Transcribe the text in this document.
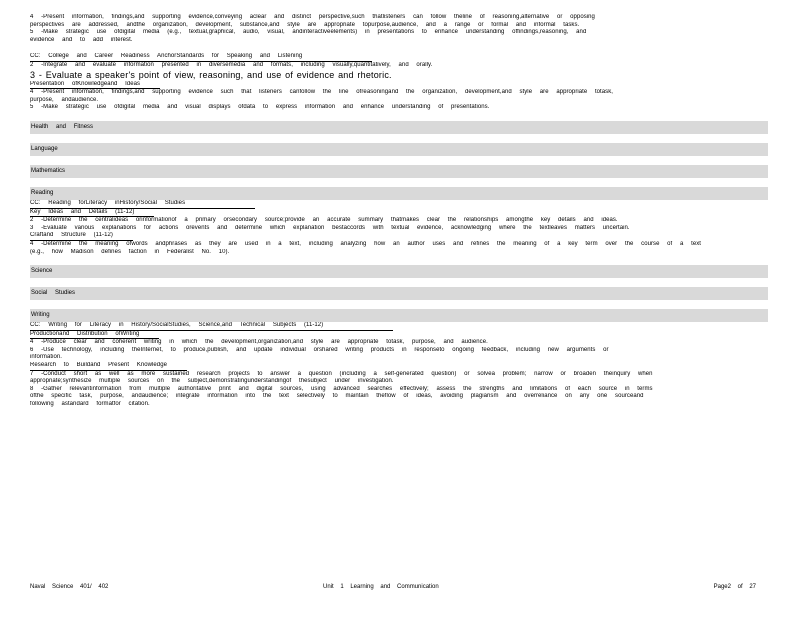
4 -Present information, findings,and supporting evidence,conveying aclear and distinct perspective,such thatlisteners can follow theline of reasoning,alternative or opposing
perspectives are addressed, andthe organization, development, substance,and style are appropriate topurpose,audience, and a range or formal and informal tasks.
5 -Make strategic use ofdigital media (e.g., textual,graphical, audio, visual, andinteractiveelements) in presentations to enhance understanding offindings,reasoning, and
evidence and to add interest.
CC: College and Career Readiness AnchorStandards for Speaking and Listening
2 -Integrate and evaluate information presented in diversemedia and formats, including visually,quantitatively, and orally.
3 - Evaluate a speaker's point of view, reasoning, and use of evidence and rhetoric.
Presentation ofKnowledgeand Ideas
4 -Present information, findings,and supporting evidence such that listeners canfollow the line ofreasoningand the organization, development,and style are appropriate totask,
purpose, andaudience.
5 -Make strategic use ofdigital media and visual displays ofdata to express information and enhance understanding of presentations.
Health and Fitness
Language
Mathematics
Reading
CC: Reading forLiteracy inHistory/Social Studies
Key Ideas and Details (11-12)
2 -Determine the centralideas orinformationof a primary orsecondary source;provide an accurate summary thatmakes clear the relationships amongthe key details and ideas.
3 -Evaluate various explanations for actions orevents and determine which explanation bestaccords with textual evidence, acknowledging where the textleaves matters uncertain.
Craftand Structure (11-12)
4 -Determine the meaning ofwords andphrases as they are used in a text, including analyzing how an author uses and refines the meaning of a key term over the course of a text
(e.g., how Madison defines faction in Federalist No. 10).
Science
Social Studies
Writing
CC: Writing for Literacy in History/SocialStudies, Science,and Technical Subjects (11-12)
Productionand Distribution ofWriting
4 -Produce clear and coherent writing in which the development,organization,and style are appropriate totask, purpose, and audience.
6 -Use technology, including theInternet, to produce,publish, and update individual orshared writing products in responseto ongoing feedback, including new arguments or
information.
Research to Buildand Present Knowledge
7 -Conduct short as well as more sustained research projects to answer a question (including a self-generated question) or solvea problem; narrow or broaden theinquiry when
appropriate;synthesize multiple sources on the subject,demonstratingunderstandingof thesubject under investigation.
8 -Gather relevantinformation from multiple authoritative print and digital sources, using advanced searches effectively; assess the strengths and limitations of each source in terms
ofthe specific task, purpose, andaudience; integrate information into the text selectively to maintain theflow of ideas, avoiding plagiarism and overreliance on any one sourceand
following astandard formatfor citation.
Naval Science 401/ 402	Unit 1 Learning and Communication	Page2 of 27
